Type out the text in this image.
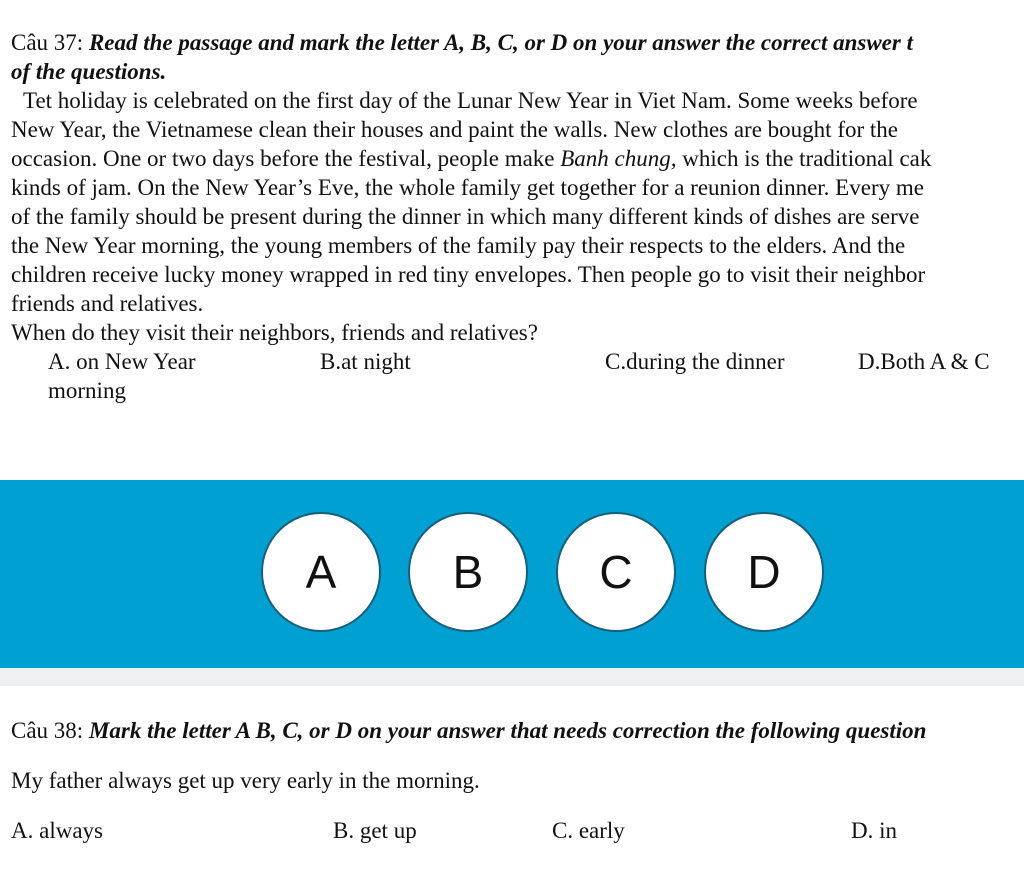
Câu 37: Read the passage and mark the letter A, B, C, or D on your answer the correct answer t
of the questions.
Tet holiday is celebrated on the first day of the Lunar New Year in Viet Nam. Some weeks before
New Year, the Vietnamese clean their houses and paint the walls. New clothes are bought for the
occasion. One or two days before the festival, people make Banh chung, which is the traditional cak
kinds of jam. On the New Year’s Eve, the whole family get together for a reunion dinner. Every me
of the family should be present during the dinner in which many different kinds of dishes are serve
the New Year morning, the young members of the family pay their respects to the elders. And the
children receive lucky money wrapped in red tiny envelopes. Then people go to visit their neighbor
friends and relatives.
When do they visit their neighbors, friends and relatives?
A. on New Year	B.at night	C.during the dinner	D.Both A & C
morning
A	B	C	D
Câu 38: Mark the letter A B, C, or D on your answer that needs correction the following question
My father always get up very early in the morning.
A. always	B. get up	C. early	D. in
